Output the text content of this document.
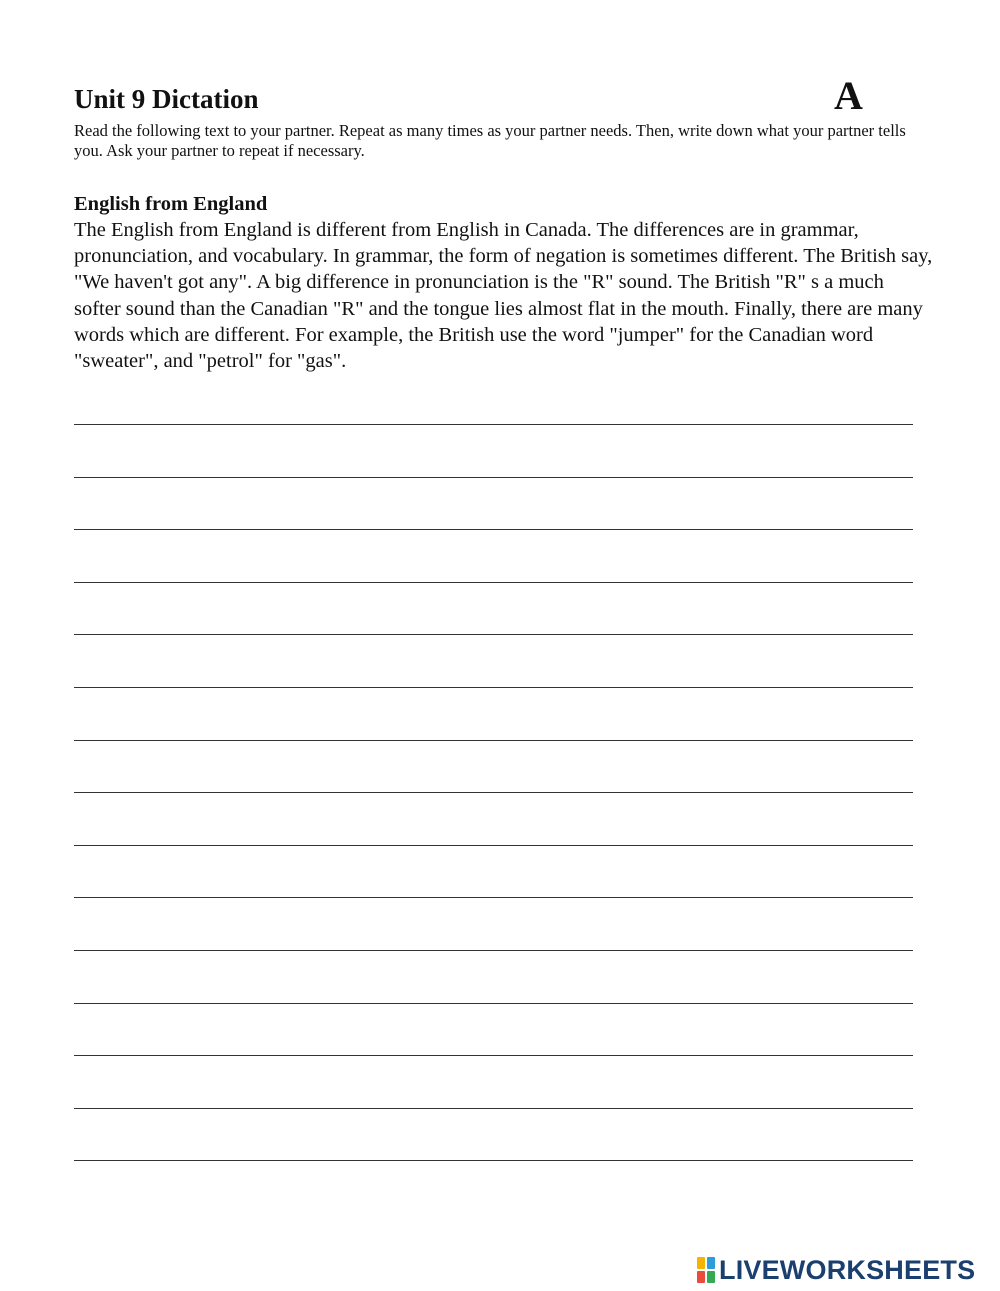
Unit 9 Dictation	A

Read the following text to your partner. Repeat as many times as your partner needs. Then, write down what your partner tells you. Ask your partner to repeat if necessary.

English from England

The English from England is different from English in Canada. The differences are in grammar, pronunciation, and vocabulary. In grammar, the form of negation is sometimes different. The British say, "We haven't got any". A big difference in pronunciation is the "R" sound. The British "R" s a much softer sound than the Canadian "R" and the tongue lies almost flat in the mouth. Finally, there are many words which are different. For example, the British use the word "jumper" for the Canadian word "sweater", and "petrol" for "gas".

LIVEWORKSHEETS
